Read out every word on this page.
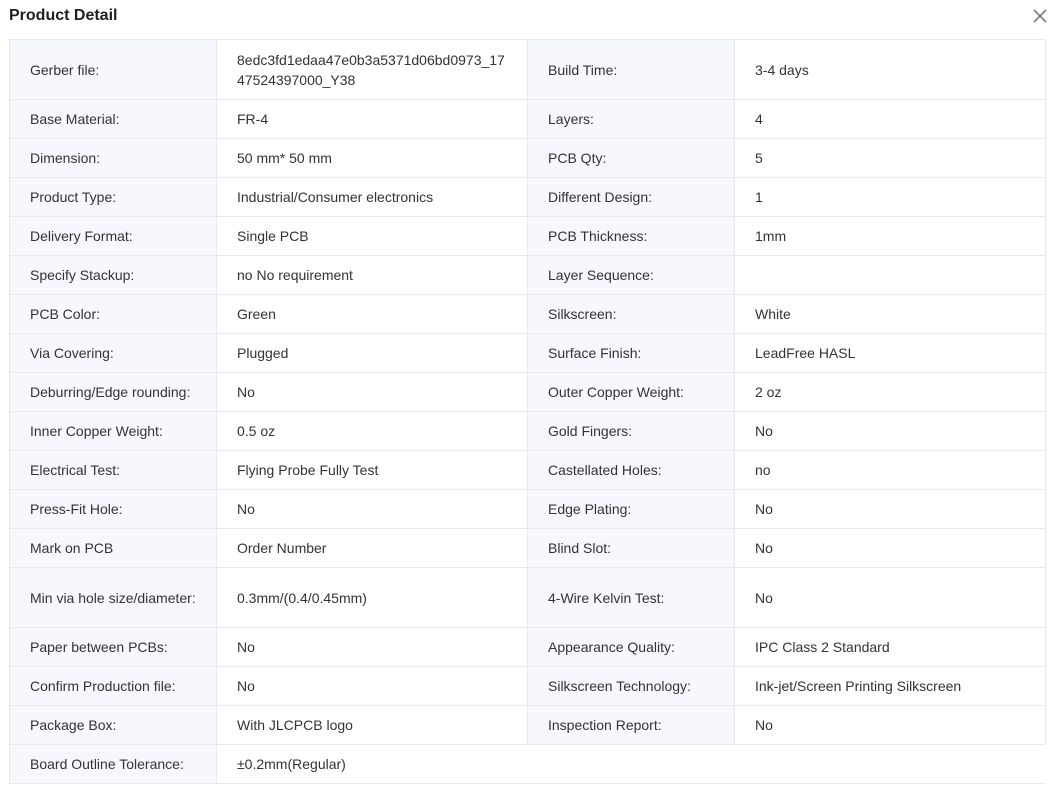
Product Detail
Gerber file:	8edc3fd1edaa47e0b3a5371d06bd0973_1747524397000_Y38	Build Time:	3-4 days
Base Material:	FR-4	Layers:	4
Dimension:	50 mm* 50 mm	PCB Qty:	5
Product Type:	Industrial/Consumer electronics	Different Design:	1
Delivery Format:	Single PCB	PCB Thickness:	1mm
Specify Stackup:	no No requirement	Layer Sequence:	
PCB Color:	Green	Silkscreen:	White
Via Covering:	Plugged	Surface Finish:	LeadFree HASL
Deburring/Edge rounding:	No	Outer Copper Weight:	2 oz
Inner Copper Weight:	0.5 oz	Gold Fingers:	No
Electrical Test:	Flying Probe Fully Test	Castellated Holes:	no
Press-Fit Hole:	No	Edge Plating:	No
Mark on PCB	Order Number	Blind Slot:	No
Min via hole size/diameter:	0.3mm/(0.4/0.45mm)	4-Wire Kelvin Test:	No
Paper between PCBs:	No	Appearance Quality:	IPC Class 2 Standard
Confirm Production file:	No	Silkscreen Technology:	Ink-jet/Screen Printing Silkscreen
Package Box:	With JLCPCB logo	Inspection Report:	No
Board Outline Tolerance:	±0.2mm(Regular)		
